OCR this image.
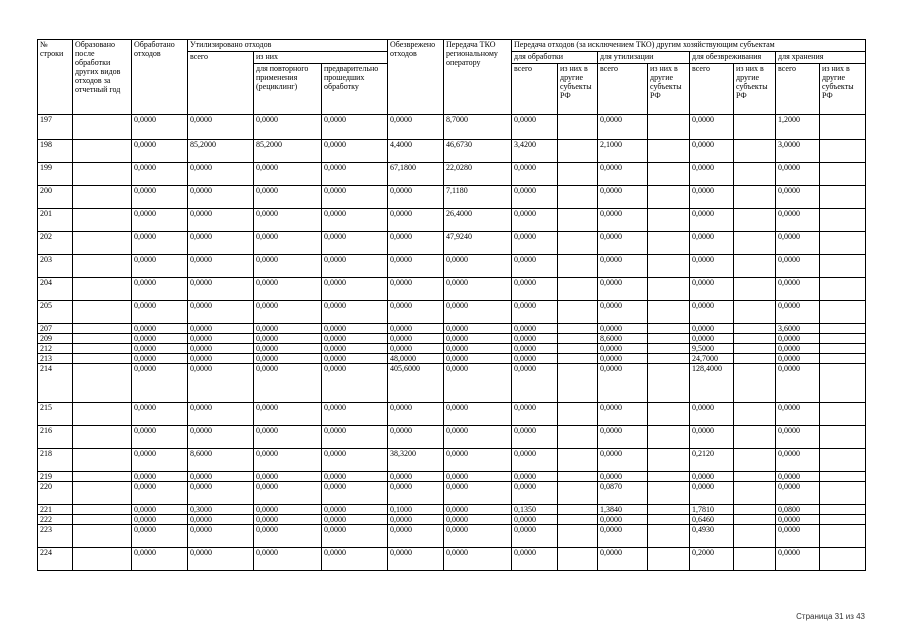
№ строки	Образовано после обработки других видов отходов за отчетный год	Обработано отходов	Утилизировано отходов			Обезврежено отходов	Передача ТКО региональному оператору	Передача отходов (за исключением ТКО) другим хозяйствующим субъектам							
			всего	из них				для обработки		для утилизации		для обезвреживания		для хранения	
				для повторного применения (рециклинг)	предварительно прошедших обработку			всего	из них в другие субъекты РФ	всего	из них в другие субъекты РФ	всего	из них в другие субъекты РФ	всего	из них в другие субъекты РФ
197		0,0000	0,0000	0,0000	0,0000	0,0000	8,7000	0,0000		0,0000		0,0000		1,2000	
198		0,0000	85,2000	85,2000	0,0000	4,4000	46,6730	3,4200		2,1000		0,0000		3,0000	
199		0,0000	0,0000	0,0000	0,0000	67,1800	22,0280	0,0000		0,0000		0,0000		0,0000	
200		0,0000	0,0000	0,0000	0,0000	0,0000	7,1180	0,0000		0,0000		0,0000		0,0000	
201		0,0000	0,0000	0,0000	0,0000	0,0000	26,4000	0,0000		0,0000		0,0000		0,0000	
202		0,0000	0,0000	0,0000	0,0000	0,0000	47,9240	0,0000		0,0000		0,0000		0,0000	
203		0,0000	0,0000	0,0000	0,0000	0,0000	0,0000	0,0000		0,0000		0,0000		0,0000	
204		0,0000	0,0000	0,0000	0,0000	0,0000	0,0000	0,0000		0,0000		0,0000		0,0000	
205		0,0000	0,0000	0,0000	0,0000	0,0000	0,0000	0,0000		0,0000		0,0000		0,0000	
207		0,0000	0,0000	0,0000	0,0000	0,0000	0,0000	0,0000		0,0000		0,0000		3,6000	
209		0,0000	0,0000	0,0000	0,0000	0,0000	0,0000	0,0000		8,6000		0,0000		0,0000	
212		0,0000	0,0000	0,0000	0,0000	0,0000	0,0000	0,0000		0,0000		9,5000		0,0000	
213		0,0000	0,0000	0,0000	0,0000	48,0000	0,0000	0,0000		0,0000		24,7000		0,0000	
214		0,0000	0,0000	0,0000	0,0000	405,6000	0,0000	0,0000		0,0000		128,4000		0,0000	
215		0,0000	0,0000	0,0000	0,0000	0,0000	0,0000	0,0000		0,0000		0,0000		0,0000	
216		0,0000	0,0000	0,0000	0,0000	0,0000	0,0000	0,0000		0,0000		0,0000		0,0000	
218		0,0000	8,6000	0,0000	0,0000	38,3200	0,0000	0,0000		0,0000		0,2120		0,0000	
219		0,0000	0,0000	0,0000	0,0000	0,0000	0,0000	0,0000		0,0000		0,0000		0,0000	
220		0,0000	0,0000	0,0000	0,0000	0,0000	0,0000	0,0000		0,0870		0,0000		0,0000	
221		0,0000	0,3000	0,0000	0,0000	0,1000	0,0000	0,1350		1,3840		1,7810		0,0800	
222		0,0000	0,0000	0,0000	0,0000	0,0000	0,0000	0,0000		0,0000		0,6460		0,0000	
223		0,0000	0,0000	0,0000	0,0000	0,0000	0,0000	0,0000		0,0000		0,4930		0,0000	
224		0,0000	0,0000	0,0000	0,0000	0,0000	0,0000	0,0000		0,0000		0,2000		0,0000	
Страница 31 из 43
